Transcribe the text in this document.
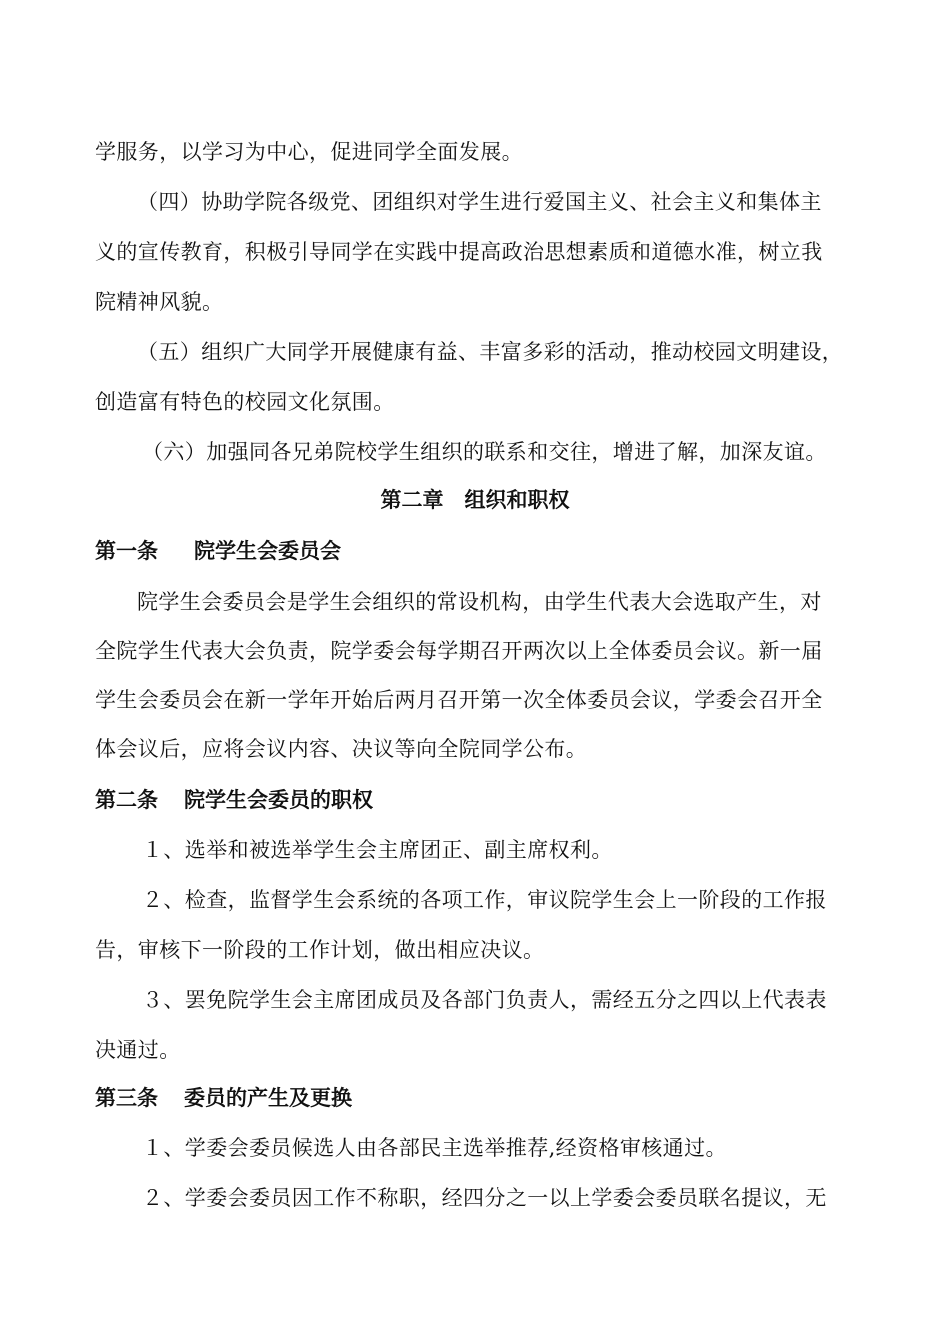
学服务，以学习为中心，促进同学全面发展。
（四）协助学院各级党、团组织对学生进行爱国主义、社会主义和集体主
义的宣传教育，积极引导同学在实践中提高政治思想素质和道德水准，树立我
院精神风貌。
（五）组织广大同学开展健康有益、丰富多彩的活动，推动校园文明建设，
创造富有特色的校园文化氛围。
（六）加强同各兄弟院校学生组织的联系和交往，增进了解，加深友谊。
第二章　组织和职权
第一条 院学生会委员会
院学生会委员会是学生会组织的常设机构，由学生代表大会选取产生，对
全院学生代表大会负责，院学委会每学期召开两次以上全体委员会议。新一届
学生会委员会在新一学年开始后两月召开第一次全体委员会议，学委会召开全
体会议后，应将会议内容、决议等向全院同学公布。
第二条 院学生会委员的职权
１、选举和被选举学生会主席团正、副主席权利。
２、检查，监督学生会系统的各项工作，审议院学生会上一阶段的工作报
告，审核下一阶段的工作计划，做出相应决议。
３、罢免院学生会主席团成员及各部门负责人，需经五分之四以上代表表
决通过。
第三条 委员的产生及更换
１、学委会委员候选人由各部民主选举推荐,经资格审核通过。
２、学委会委员因工作不称职，经四分之一以上学委会委员联名提议，无
